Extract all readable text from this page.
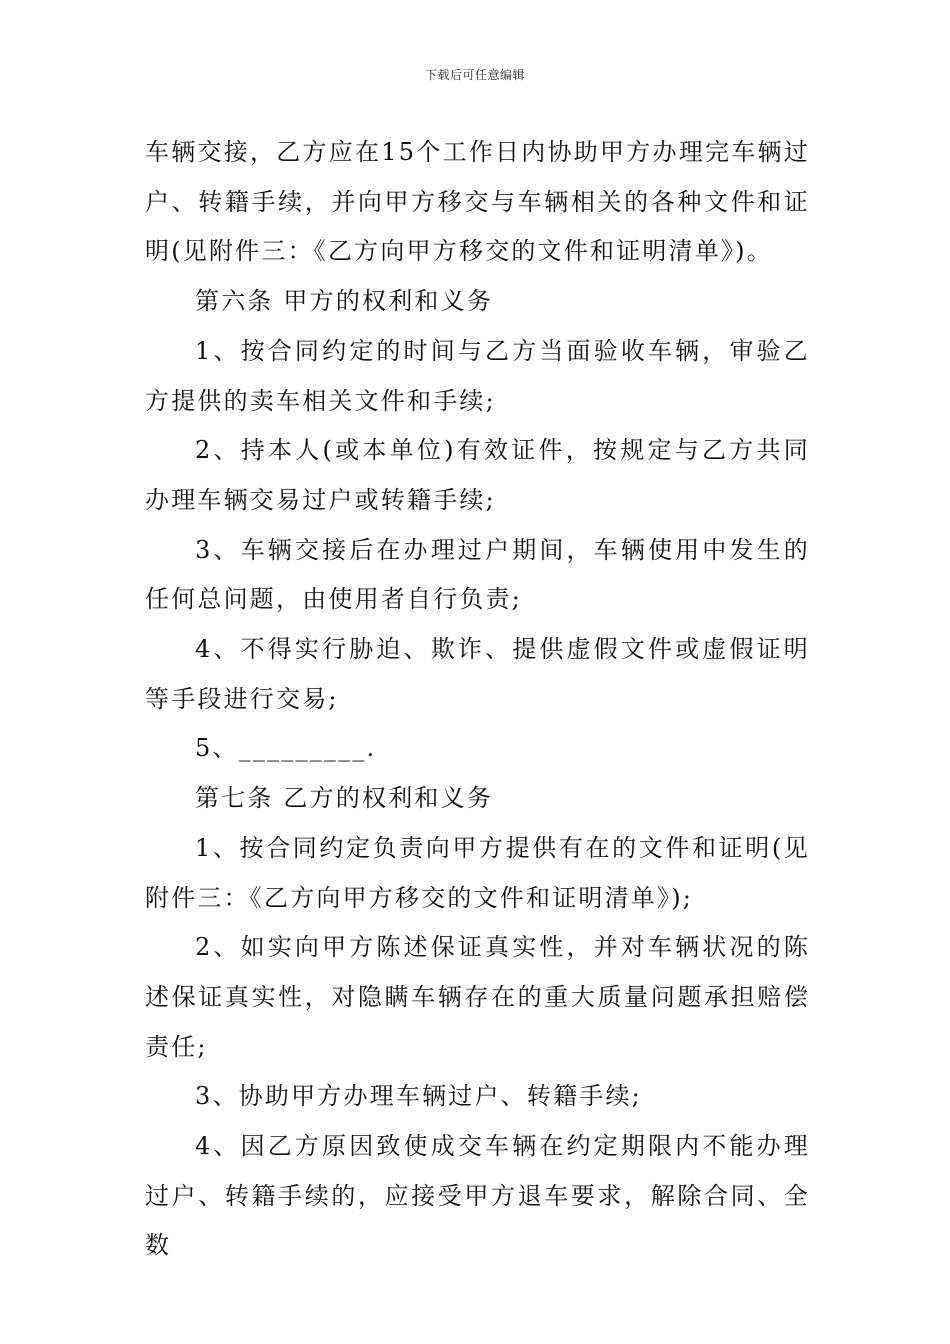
下载后可任意编辑

车辆交接，乙方应在15个工作日内协助甲方办理完车辆过户、转籍手续，并向甲方移交与车辆相关的各种文件和证明(见附件三：《乙方向甲方移交的文件和证明清单》)。

第六条 甲方的权利和义务

1、按合同约定的时间与乙方当面验收车辆，审验乙方提供的卖车相关文件和手续;

2、持本人(或本单位)有效证件，按规定与乙方共同办理车辆交易过户或转籍手续;

3、车辆交接后在办理过户期间，车辆使用中发生的任何总问题，由使用者自行负责;

4、不得实行胁迫、欺诈、提供虚假文件或虚假证明等手段进行交易;

5、_________.

第七条 乙方的权利和义务

1、按合同约定负责向甲方提供有在的文件和证明(见附件三：《乙方向甲方移交的文件和证明清单》);

2、如实向甲方陈述保证真实性，并对车辆状况的陈述保证真实性，对隐瞒车辆存在的重大质量问题承担赔偿责任;

3、协助甲方办理车辆过户、转籍手续;

4、因乙方原因致使成交车辆在约定期限内不能办理过户、转籍手续的，应接受甲方退车要求，解除合同、全数
